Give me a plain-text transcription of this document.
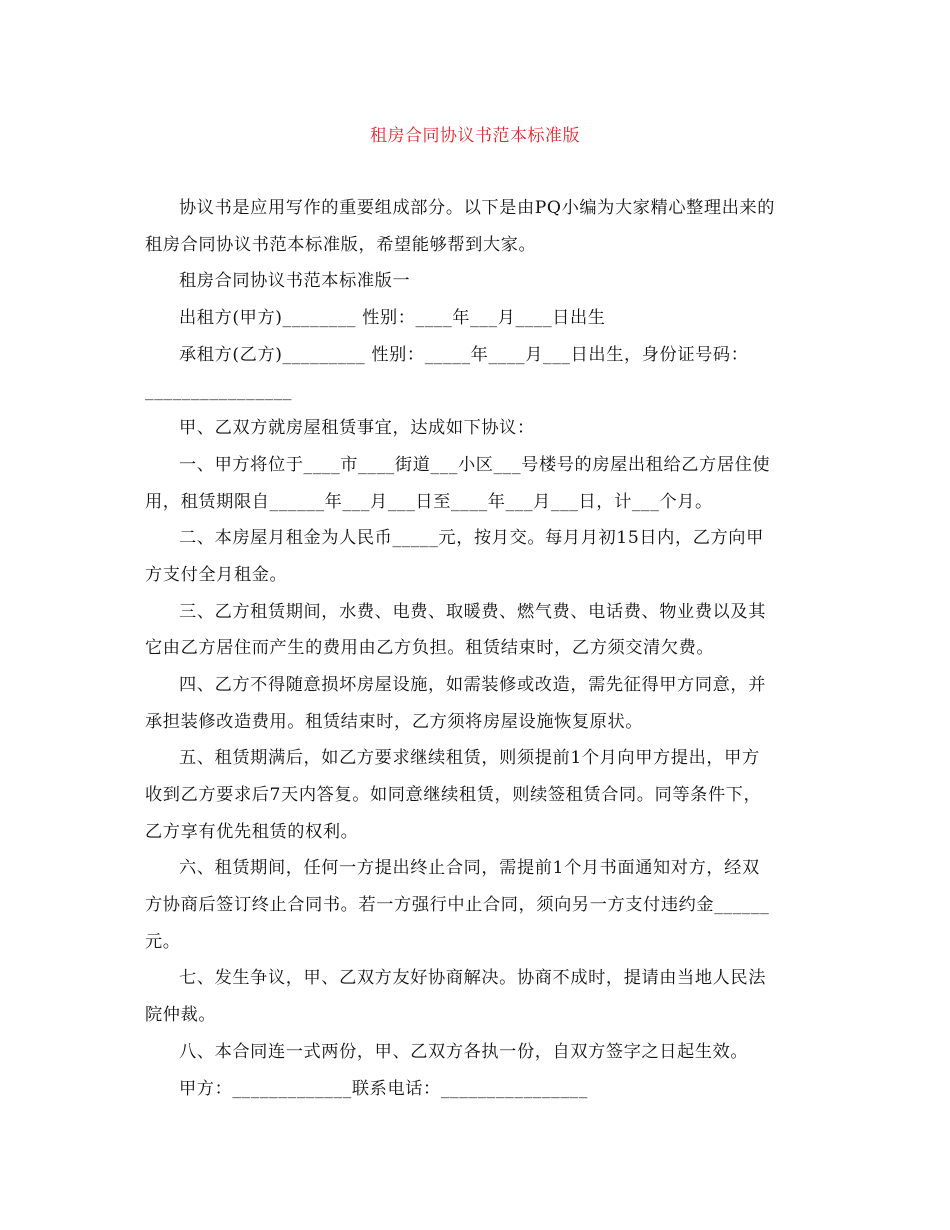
租房合同协议书范本标准版
协议书是应用写作的重要组成部分。以下是由PQ小编为大家精心整理出来的
租房合同协议书范本标准版，希望能够帮到大家。
租房合同协议书范本标准版一
出租方(甲方)________ 性别：____年___月____日出生
承租方(乙方)_________ 性别：_____年____月___日出生，身份证号码：
________________
甲、乙双方就房屋租赁事宜，达成如下协议：
一、甲方将位于____市____街道___小区___号楼号的房屋出租给乙方居住使
用，租赁期限自______年___月___日至____年___月___日，计___个月。
二、本房屋月租金为人民币_____元，按月交。每月月初15日内，乙方向甲
方支付全月租金。
三、乙方租赁期间，水费、电费、取暖费、燃气费、电话费、物业费以及其
它由乙方居住而产生的费用由乙方负担。租赁结束时，乙方须交清欠费。
四、乙方不得随意损坏房屋设施，如需装修或改造，需先征得甲方同意，并
承担装修改造费用。租赁结束时，乙方须将房屋设施恢复原状。
五、租赁期满后，如乙方要求继续租赁，则须提前1个月向甲方提出，甲方
收到乙方要求后7天内答复。如同意继续租赁，则续签租赁合同。同等条件下，
乙方享有优先租赁的权利。
六、租赁期间，任何一方提出终止合同，需提前1个月书面通知对方，经双
方协商后签订终止合同书。若一方强行中止合同，须向另一方支付违约金______
元。
七、发生争议，甲、乙双方友好协商解决。协商不成时，提请由当地人民法
院仲裁。
八、本合同连一式两份，甲、乙双方各执一份，自双方签字之日起生效。
甲方：_____________联系电话：________________
